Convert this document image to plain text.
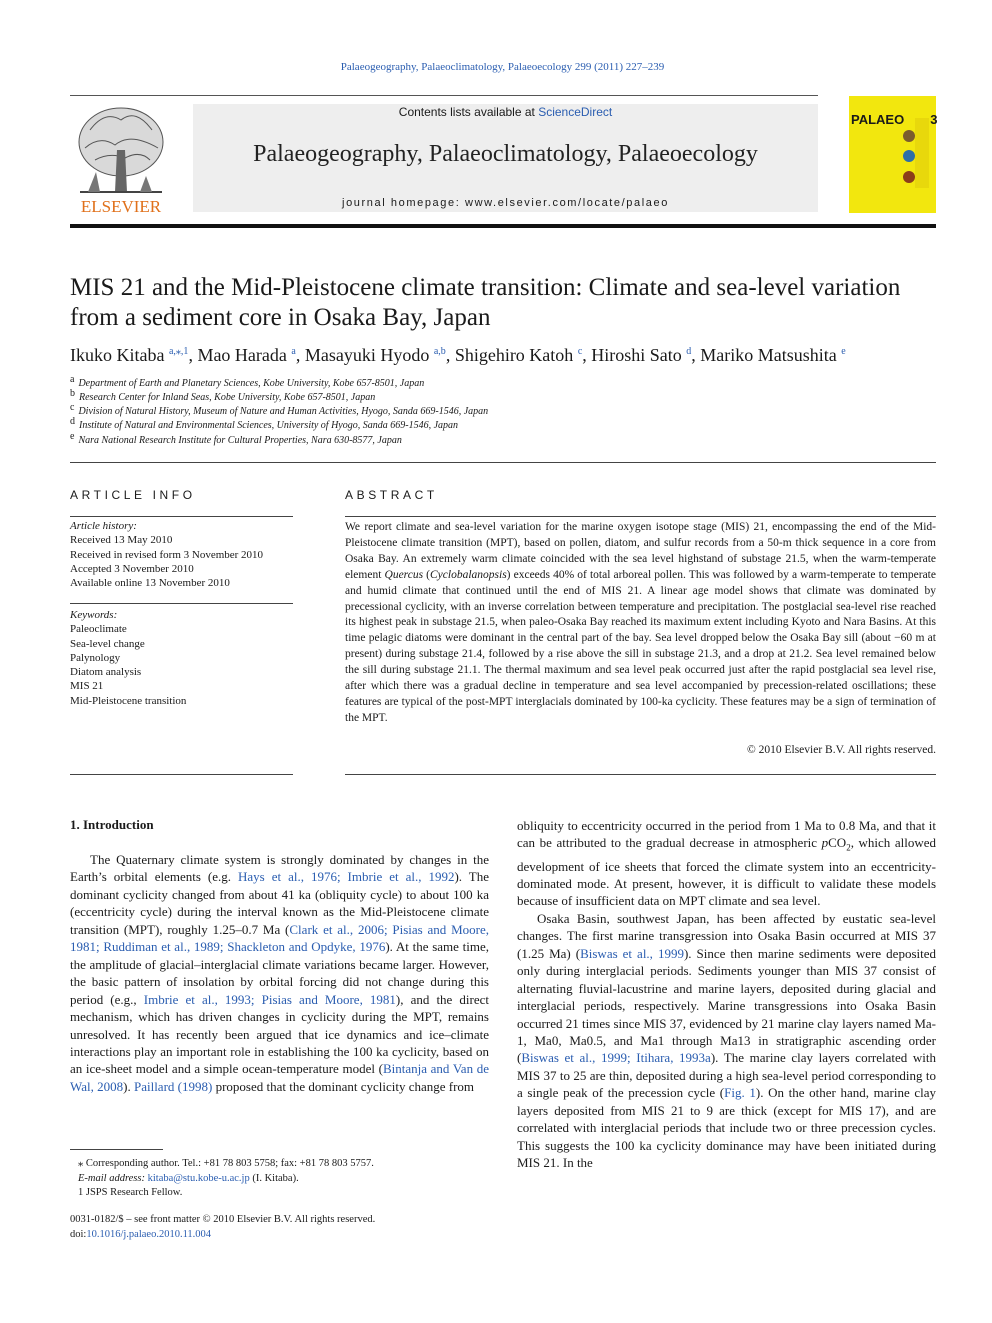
Palaeogeography, Palaeoclimatology, Palaeoecology 299 (2011) 227–239
ELSEVIER
Contents lists available at ScienceDirect
Palaeogeography, Palaeoclimatology, Palaeoecology
journal homepage: www.elsevier.com/locate/palaeo
PALAEO 3
MIS 21 and the Mid-Pleistocene climate transition: Climate and sea-level variation from a sediment core in Osaka Bay, Japan
Ikuko Kitaba $^{a,⁎,1}$, Mao Harada $^a$, Masayuki Hyodo $^{a,b}$, Shigehiro Katoh $^c$, Hiroshi Sato $^d$, Mariko Matsushita $^e$
$^a$ Department of Earth and Planetary Sciences, Kobe University, Kobe 657-8501, Japan
$^b$ Research Center for Inland Seas, Kobe University, Kobe 657-8501, Japan
$^c$ Division of Natural History, Museum of Nature and Human Activities, Hyogo, Sanda 669-1546, Japan
$^d$ Institute of Natural and Environmental Sciences, University of Hyogo, Sanda 669-1546, Japan
$^e$ Nara National Research Institute for Cultural Properties, Nara 630-8577, Japan
ARTICLE INFO	ABSTRACT
Article history:
Received 13 May 2010
Received in revised form 3 November 2010
Accepted 3 November 2010
Available online 13 November 2010
Keywords:
Paleoclimate
Sea-level change
Palynology
Diatom analysis
MIS 21
Mid-Pleistocene transition
We report climate and sea-level variation for the marine oxygen isotope stage (MIS) 21, encompassing the end of the Mid-Pleistocene climate transition (MPT), based on pollen, diatom, and sulfur records from a 50-m thick sequence in a core from Osaka Bay. An extremely warm climate coincided with the sea level highstand of substage 21.5, when the warm-temperate element Quercus (Cyclobalanopsis) exceeds 40% of total arboreal pollen. This was followed by a warm-temperate to temperate and humid climate that continued until the end of MIS 21. A linear age model shows that climate was dominated by precessional cyclicity, with an inverse correlation between temperature and precipitation. The postglacial sea-level rise reached its highest peak in substage 21.5, when paleo-Osaka Bay reached its maximum extent including Kyoto and Nara Basins. At this time pelagic diatoms were dominant in the central part of the bay. Sea level dropped below the Osaka Bay sill (about −60 m at present) during substage 21.4, followed by a rise above the sill in substage 21.3, and a drop at 21.2. Sea level remained below the sill during substage 21.1. The thermal maximum and sea level peak occurred just after the rapid postglacial sea level rise, after which there was a gradual decline in temperature and sea level accompanied by precession-related oscillations; these features are typical of the post-MPT interglacials dominated by 100-ka cyclicity. These features may be a sign of termination of the MPT.
© 2010 Elsevier B.V. All rights reserved.
1. Introduction

The Quaternary climate system is strongly dominated by changes in the Earth’s orbital elements (e.g. Hays et al., 1976; Imbrie et al., 1992). The dominant cyclicity changed from about 41 ka (obliquity cycle) to about 100 ka (eccentricity cycle) during the interval known as the Mid-Pleistocene climate transition (MPT), roughly 1.25–0.7 Ma (Clark et al., 2006; Pisias and Moore, 1981; Ruddiman et al., 1989; Shackleton and Opdyke, 1976). At the same time, the amplitude of glacial–interglacial climate variations became larger. However, the basic pattern of insolation by orbital forcing did not change during this period (e.g., Imbrie et al., 1993; Pisias and Moore, 1981), and the direct mechanism, which has driven changes in cyclicity during the MPT, remains unresolved. It has recently been argued that ice dynamics and ice–climate interactions play an important role in establishing the 100 ka cyclicity, based on an ice-sheet model and a simple ocean-temperature model (Bintanja and Van de Wal, 2008). Paillard (1998) proposed that the dominant cyclicity change from

obliquity to eccentricity occurred in the period from 1 Ma to 0.8 Ma, and that it can be attributed to the gradual decrease in atmospheric pCO$_2$, which allowed development of ice sheets that forced the climate system into an eccentricity-dominated mode. At present, however, it is difficult to validate these models because of insufficient data on MPT climate and sea level.

Osaka Basin, southwest Japan, has been affected by eustatic sea-level changes. The first marine transgression into Osaka Basin occurred at MIS 37 (1.25 Ma) (Biswas et al., 1999). Since then marine sediments were deposited only during interglacial periods. Sediments younger than MIS 37 consist of alternating fluvial-lacustrine and marine layers, deposited during glacial and interglacial periods, respectively. Marine transgressions into Osaka Basin occurred 21 times since MIS 37, evidenced by 21 marine clay layers named Ma-1, Ma0, Ma0.5, and Ma1 through Ma13 in stratigraphic ascending order (Biswas et al., 1999; Itihara, 1993a). The marine clay layers correlated with MIS 37 to 25 are thin, deposited during a high sea-level period corresponding to a single peak of the precession cycle (Fig. 1). On the other hand, marine clay layers deposited from MIS 21 to 9 are thick (except for MIS 17), and are correlated with interglacial periods that include two or three precession cycles. This suggests the 100 ka cyclicity dominance may have been initiated during MIS 21. In the

⁎ Corresponding author. Tel.: +81 78 803 5758; fax: +81 78 803 5757.
E-mail address: kitaba@stu.kobe-u.ac.jp (I. Kitaba).
1 JSPS Research Fellow.
0031-0182/$ – see front matter © 2010 Elsevier B.V. All rights reserved.
doi:10.1016/j.palaeo.2010.11.004
